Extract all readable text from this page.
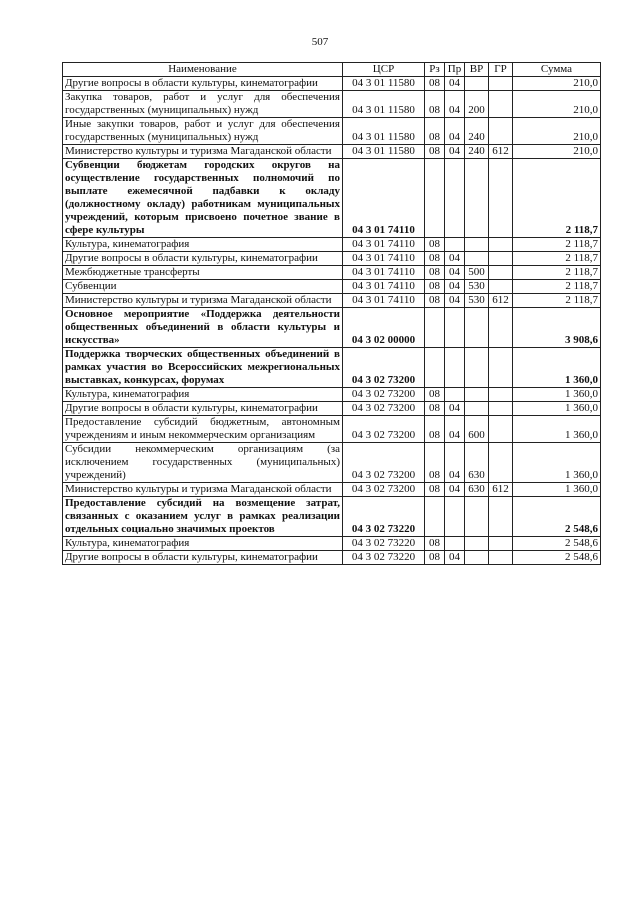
507
Наименование	ЦСР	Рз	Пр	ВР	ГР	Сумма
Другие вопросы в области культуры, кинематографии	04 3 01 11580	08	04			210,0
Закупка товаров, работ и услуг для обеспечения государственных (муниципальных) нужд	04 3 01 11580	08	04	200		210,0
Иные закупки товаров, работ и услуг для обеспечения государственных (муниципальных) нужд	04 3 01 11580	08	04	240		210,0
Министерство культуры и туризма Магаданской области	04 3 01 11580	08	04	240	612	210,0
Субвенции бюджетам городских округов на осуществление государственных полномочий по выплате ежемесячной падбавки к окладу (должностному окладу) работникам муниципальных учреждений, которым присвоено почетное звание в сфере культуры	04 3 01 74110					2 118,7
Культура, кинематография	04 3 01 74110	08				2 118,7
Другие вопросы в области культуры, кинематографии	04 3 01 74110	08	04			2 118,7
Межбюджетные трансферты	04 3 01 74110	08	04	500		2 118,7
Субвенции	04 3 01 74110	08	04	530		2 118,7
Министерство культуры и туризма Магаданской области	04 3 01 74110	08	04	530	612	2 118,7
Основное мероприятие «Поддержка деятельности общественных объединений в области культуры и искусства»	04 3 02 00000					3 908,6
Поддержка творческих общественных объединений в рамках участия во Всероссийских межрегиональных выставках, конкурсах, форумах	04 3 02 73200					1 360,0
Культура, кинематография	04 3 02 73200	08				1 360,0
Другие вопросы в области культуры, кинематографии	04 3 02 73200	08	04			1 360,0
Предоставление субсидий бюджетным, автономным учреждениям и иным некоммерческим организациям	04 3 02 73200	08	04	600		1 360,0
Субсидии некоммерческим организациям (за исключением государственных (муниципальных) учреждений)	04 3 02 73200	08	04	630		1 360,0
Министерство культуры и туризма Магаданской области	04 3 02 73200	08	04	630	612	1 360,0
Предоставление субсидий на возмещение затрат, связанных с оказанием услуг в рамках реализации отдельных социально значимых проектов	04 3 02 73220					2 548,6
Культура, кинематография	04 3 02 73220	08				2 548,6
Другие вопросы в области культуры, кинематографии	04 3 02 73220	08	04			2 548,6
